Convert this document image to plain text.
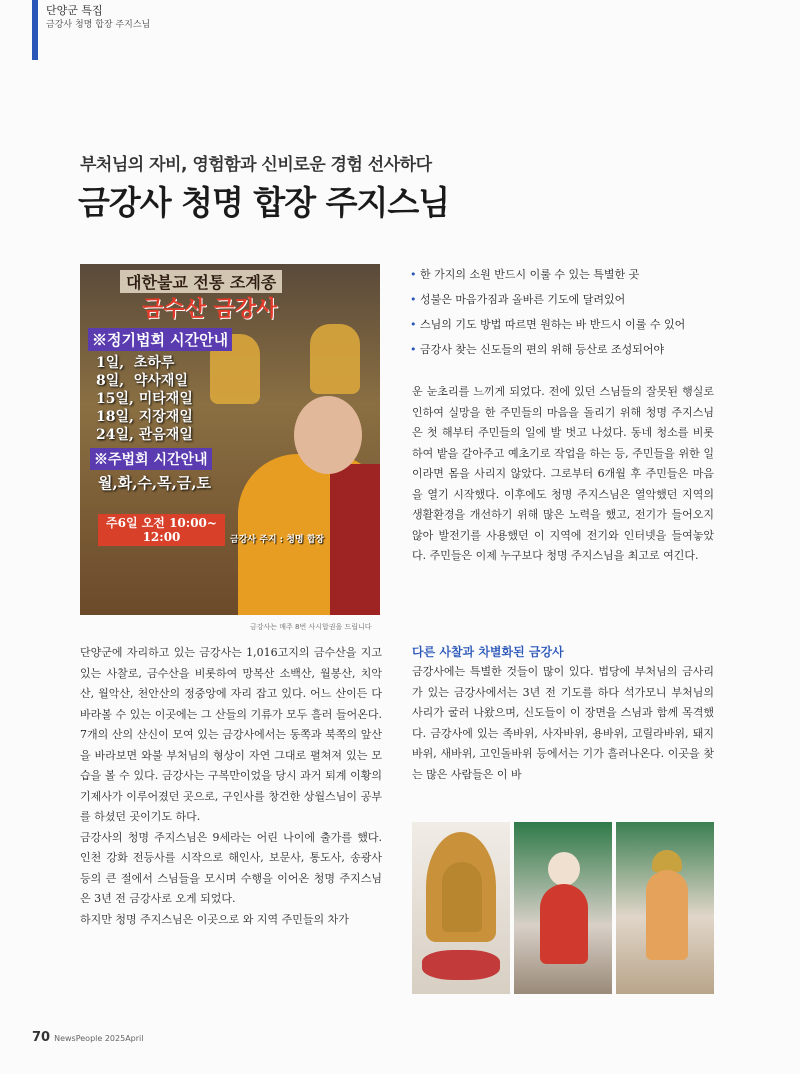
단양군 특집
금강사 청명 합장 주지스님
부처님의 자비, 영험함과 신비로운 경험 선사하다
금강사 청명 합장 주지스님
대한불교 전통 조계종
금수산 금강사
※정기법회 시간안내
1일,  초하루
8일,  약사재일
15일, 미타재일
18일, 지장재일
24일, 관음재일
※주법회 시간안내
월,화,수,목,금,토
주6일 오전 10:00~
12:00	금강사 주지 : 청명 합장
금강사는 매주 8번 사시합권을 드립니다
• 한 가지의 소원 반드시 이룰 수 있는 특별한 곳
• 성불은 마음가짐과 올바른 기도에 달려있어
• 스님의 기도 방법 따르면 원하는 바 반드시 이룰 수 있어
• 금강사 찾는 신도들의 편의 위해 등산로 조성되어야

단양군에 자리하고 있는 금강사는 1,016고지의 금수산을 지고 있는 사찰로, 금수산을 비롯하여 망복산 소백산, 월봉산, 치악산, 월악산, 천안산의 정중앙에 자리 잡고 있다. 어느 산이든 다 바라볼 수 있는 이곳에는 그 산들의 기류가 모두 흘러 들어온다. 7개의 산의 산신이 모여 있는 금강사에서는 동쪽과 북쪽의 앞산을 바라보면 와불 부처님의 형상이 자연 그대로 펼쳐져 있는 모습을 볼 수 있다. 금강사는 구복만이었을 당시 과거 퇴계 이황의 기제사가 이루어졌던 곳으로, 구인사를 창건한 상월스님이 공부를 하셨던 곳이기도 하다.

금강사의 청명 주지스님은 9세라는 어린 나이에 출가를 했다. 인천 강화 전등사를 시작으로 해인사, 보문사, 통도사, 송광사 등의 큰 절에서 스님들을 모시며 수행을 이어온 청명 주지스님은 3년 전 금강사로 오게 되었다.

하지만 청명 주지스님은 이곳으로 와 지역 주민들의 차가

운 눈초리를 느끼게 되었다. 전에 있던 스님들의 잘못된 행실로 인하여 실망을 한 주민들의 마음을 돌리기 위해 청명 주지스님은 첫 해부터 주민들의 일에 발 벗고 나섰다. 동네 청소를 비롯하여 밭을 갈아주고 예초기로 작업을 하는 등, 주민들을 위한 일이라면 몸을 사리지 않았다. 그로부터 6개월 후 주민들은 마음을 열기 시작했다. 이후에도 청명 주지스님은 열악했던 지역의 생활환경을 개선하기 위해 많은 노력을 했고, 전기가 들어오지 않아 발전기를 사용했던 이 지역에 전기와 인터넷을 들여놓았다. 주민들은 이제 누구보다 청명 주지스님을 최고로 여긴다.

다른 사찰과 차별화된 금강사

금강사에는 특별한 것들이 많이 있다. 법당에 부처님의 금사리가 있는 금강사에서는 3년 전 기도를 하다 석가모니 부처님의 사리가 굴러 나왔으며, 신도들이 이 장면을 스님과 함께 목격했다. 금강사에 있는 족바위, 사자바위, 용바위, 고릴라바위, 돼지바위, 새바위, 고인돌바위 등에서는 기가 흘러나온다. 이곳을 찾는 많은 사람들은 이 바

70 NewsPeople 2025April
